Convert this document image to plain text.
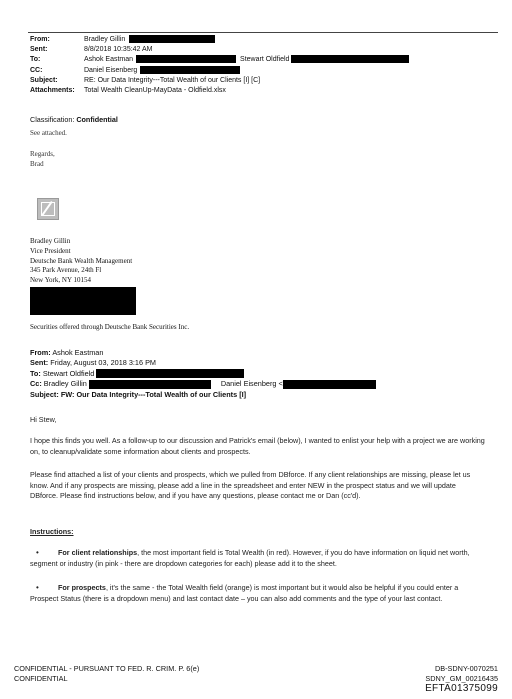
From:	Bradley Gillin
Sent:	8/8/2018 10:35:42 AM
To:	Ashok Eastman	Stewart Oldfield
CC:	Daniel Eisenberg
Subject:	RE: Our Data Integrity---Total Wealth of our Clients [I] [C]
Attachments:	Total Wealth CleanUp-MayData - Oldfield.xlsx
Classification: Confidential
See attached.
Regards,
Brad
Bradley Gillin
Vice President
Deutsche Bank Wealth Management
345 Park Avenue, 24th Fl
New York, NY 10154
Securities offered through Deutsche Bank Securities Inc.
From: Ashok Eastman
Sent: Friday, August 03, 2018 3:16 PM
To: Stewart Oldfield
Cc: Bradley Gillin	Daniel Eisenberg <
Subject: FW: Our Data Integrity---Total Wealth of our Clients [I]
Hi Stew,
I hope this finds you well. As a follow-up to our discussion and Patrick's email (below), I wanted to enlist your help with a project we are working on, to cleanup/validate some information about clients and prospects.
Please find attached a list of your clients and prospects, which we pulled from DBforce. If any client relationships are missing, please let us know. And if any prospects are missing, please add a line in the spreadsheet and enter NEW in the prospect status and we will update DBforce. Please find instructions below, and if you have any questions, please contact me or Dan (cc'd).
Instructions:
•	For client relationships, the most important field is Total Wealth (in red). However, if you do have information on liquid net worth, segment or industry (in pink - there are dropdown categories for each) please add it to the sheet.
•	For prospects, it's the same - the Total Wealth field (orange) is most important but it would also be helpful if you could enter a Prospect Status (there is a dropdown menu) and last contact date – you can also add comments and the type of your last contact.
CONFIDENTIAL - PURSUANT TO FED. R. CRIM. P. 6(e)
CONFIDENTIAL
DB-SDNY-0070251
SDNY_GM_00216435
EFTA01375099
